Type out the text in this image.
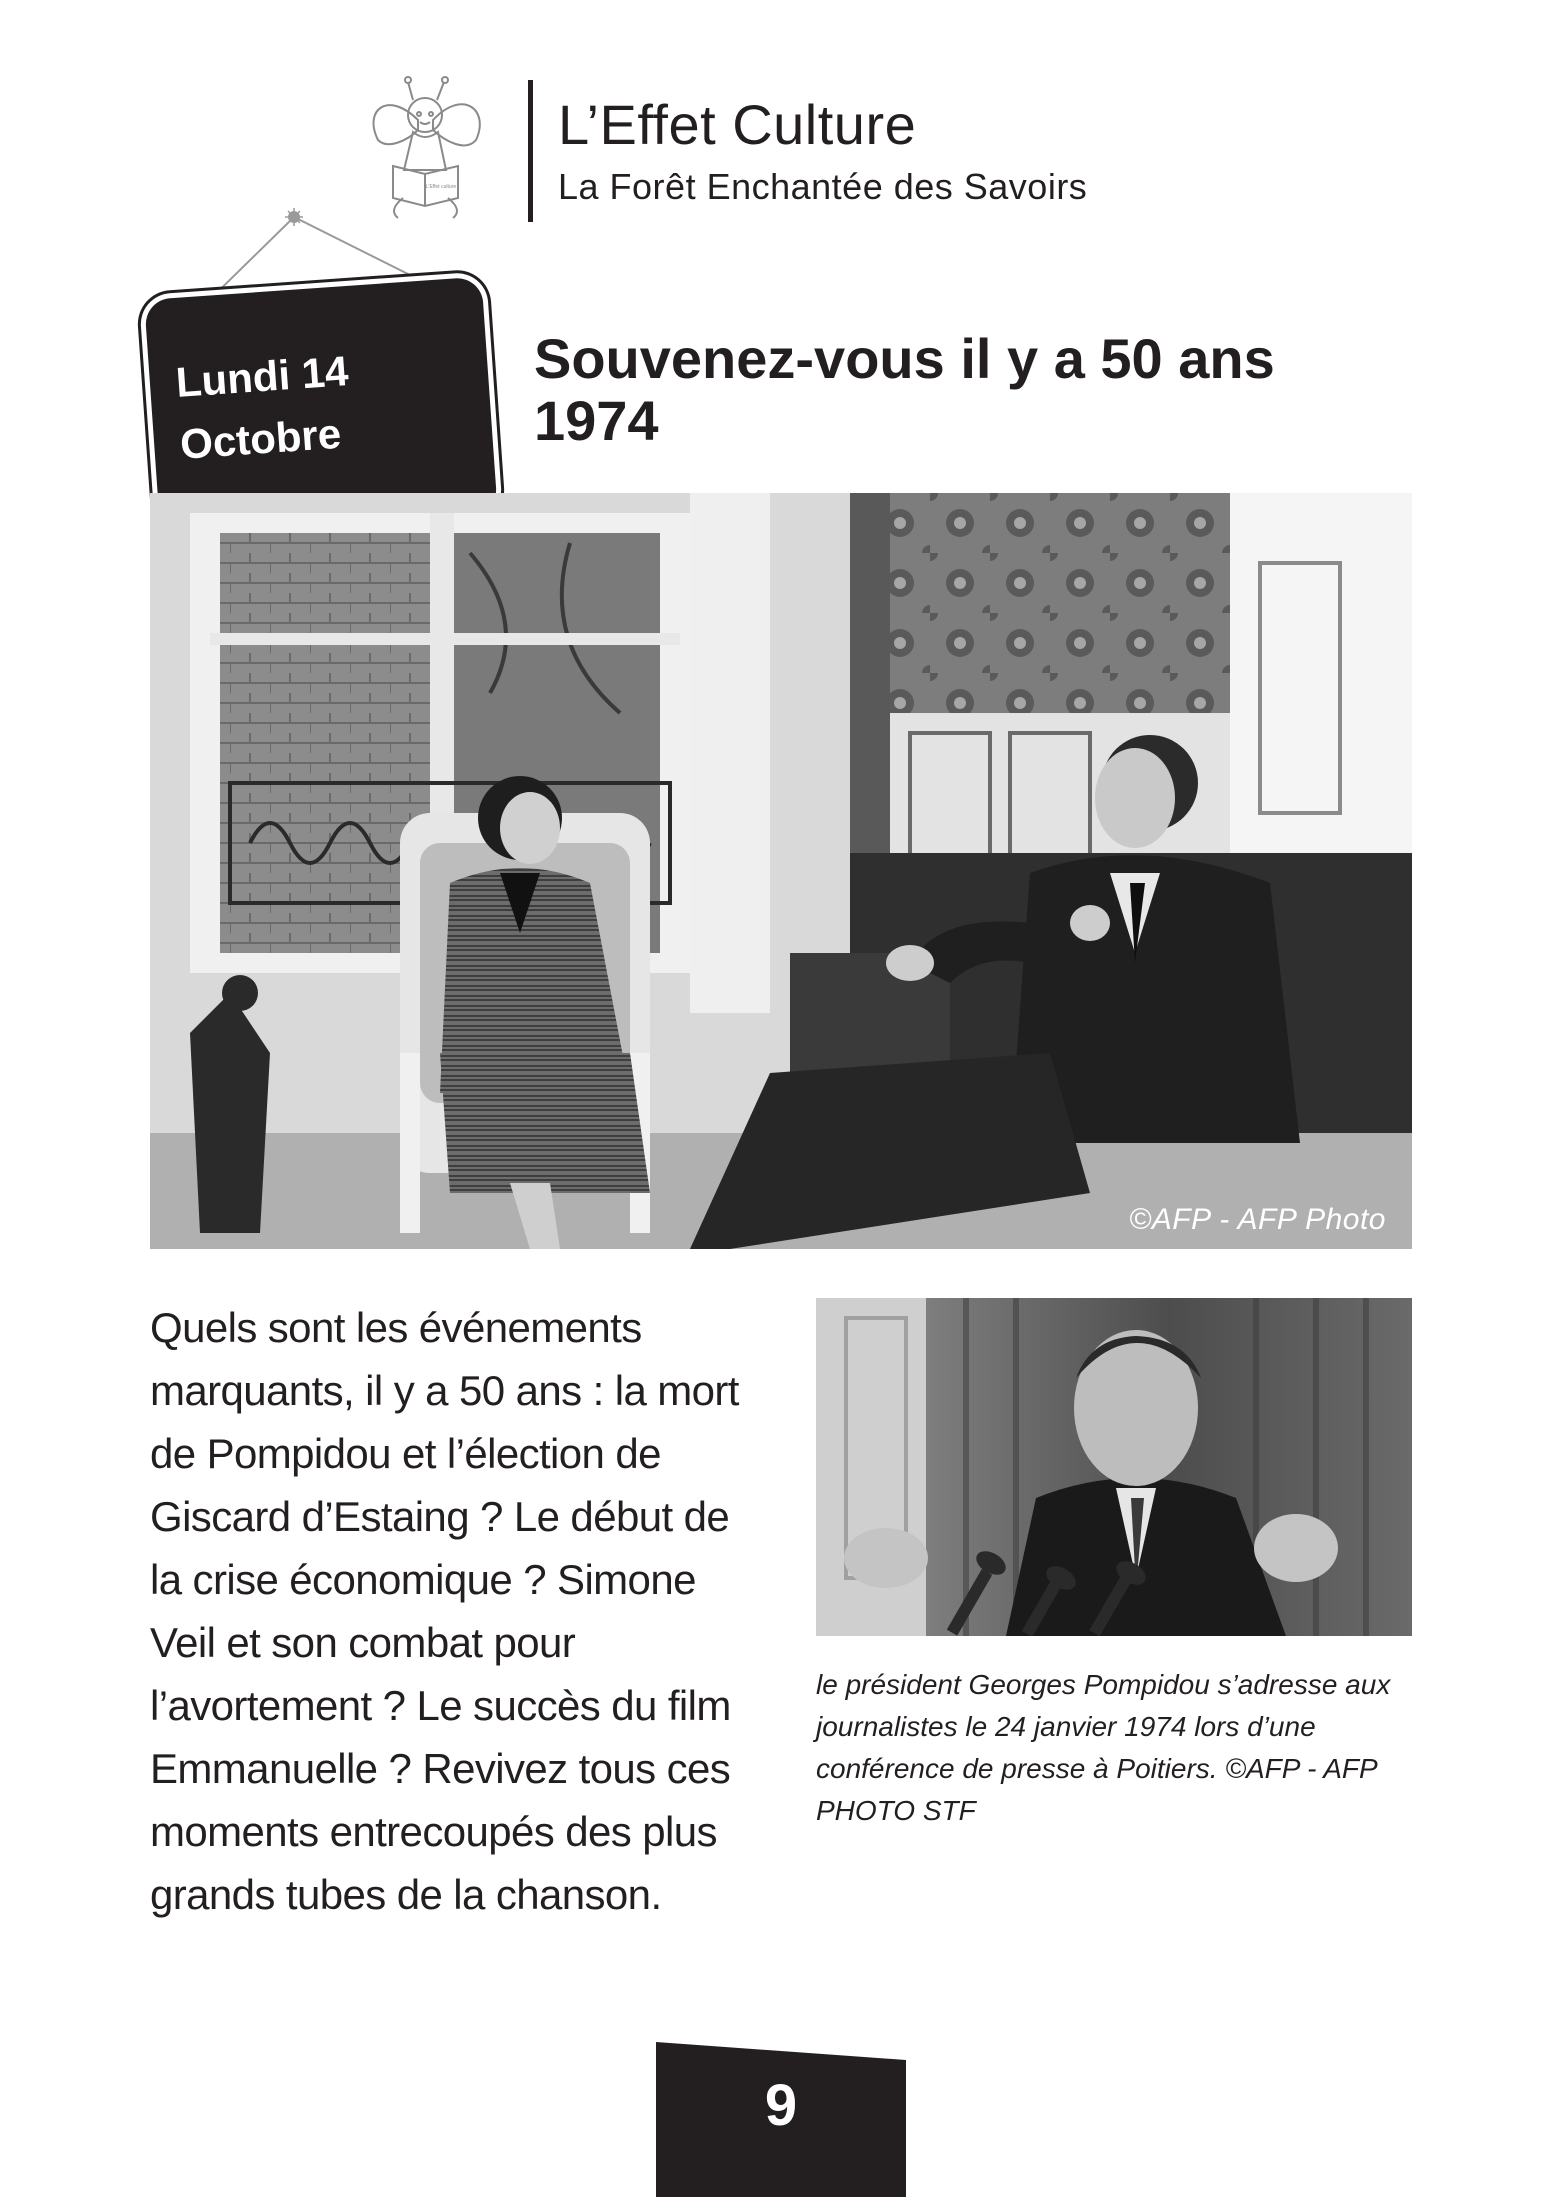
L’Effet culture
L’Effet Culture
La Forêt Enchantée des Savoirs
Lundi 14
Octobre
Souvenez-vous il y a 50 ans 1974
©AFP - AFP Photo
Quels sont les événements marquants, il y a 50 ans : la mort de Pompidou et l’élection de Giscard d’Estaing ? Le début de la crise économique ? Simone Veil et son combat pour l’avortement ? Le succès du film Emmanuelle ? Revivez tous ces moments entrecoupés des plus grands tubes de la chanson.
le président Georges Pompidou s’adresse aux journalistes le 24 janvier 1974 lors d’une conférence de presse à Poitiers. ©AFP - AFP PHOTO STF
9
